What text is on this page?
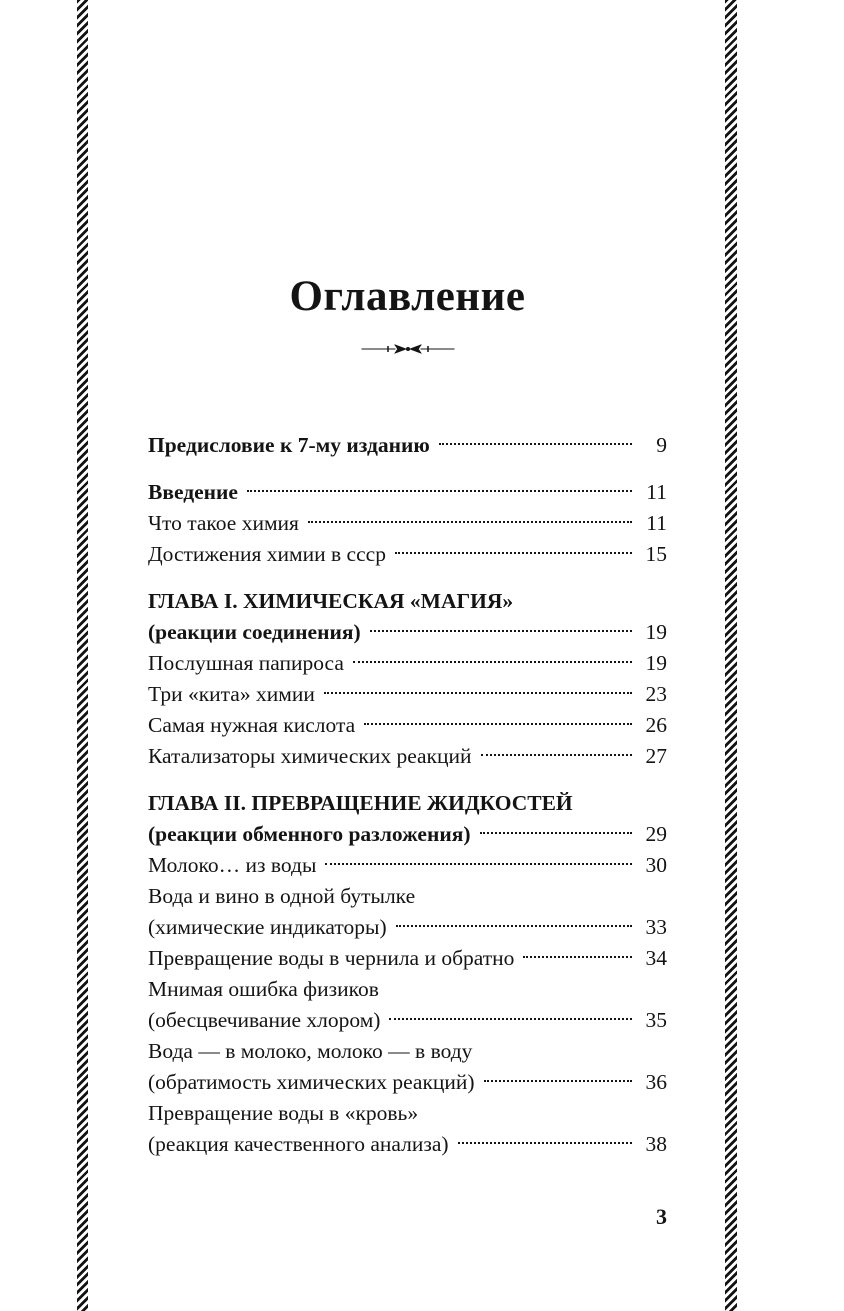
Оглавление
Предисловие к 7-му изданию	9
Введение	11
Что такое химия	11
Достижения химии в ссср	15
ГЛАВА I. ХИМИЧЕСКАЯ «МАГИЯ»
(реакции соединения)	19
Послушная папироса	19
Три «кита» химии	23
Самая нужная кислота	26
Катализаторы химических реакций	27
ГЛАВА II. ПРЕВРАЩЕНИЕ ЖИДКОСТЕЙ
(реакции обменного разложения)	29
Молоко… из воды	30
Вода и вино в одной бутылке
(химические индикаторы)	33
Превращение воды в чернила и обратно	34
Мнимая ошибка физиков
(обесцвечивание хлором)	35
Вода — в молоко, молоко — в воду
(обратимость химических реакций)	36
Превращение воды в «кровь»
(реакция качественного анализа)	38
3
